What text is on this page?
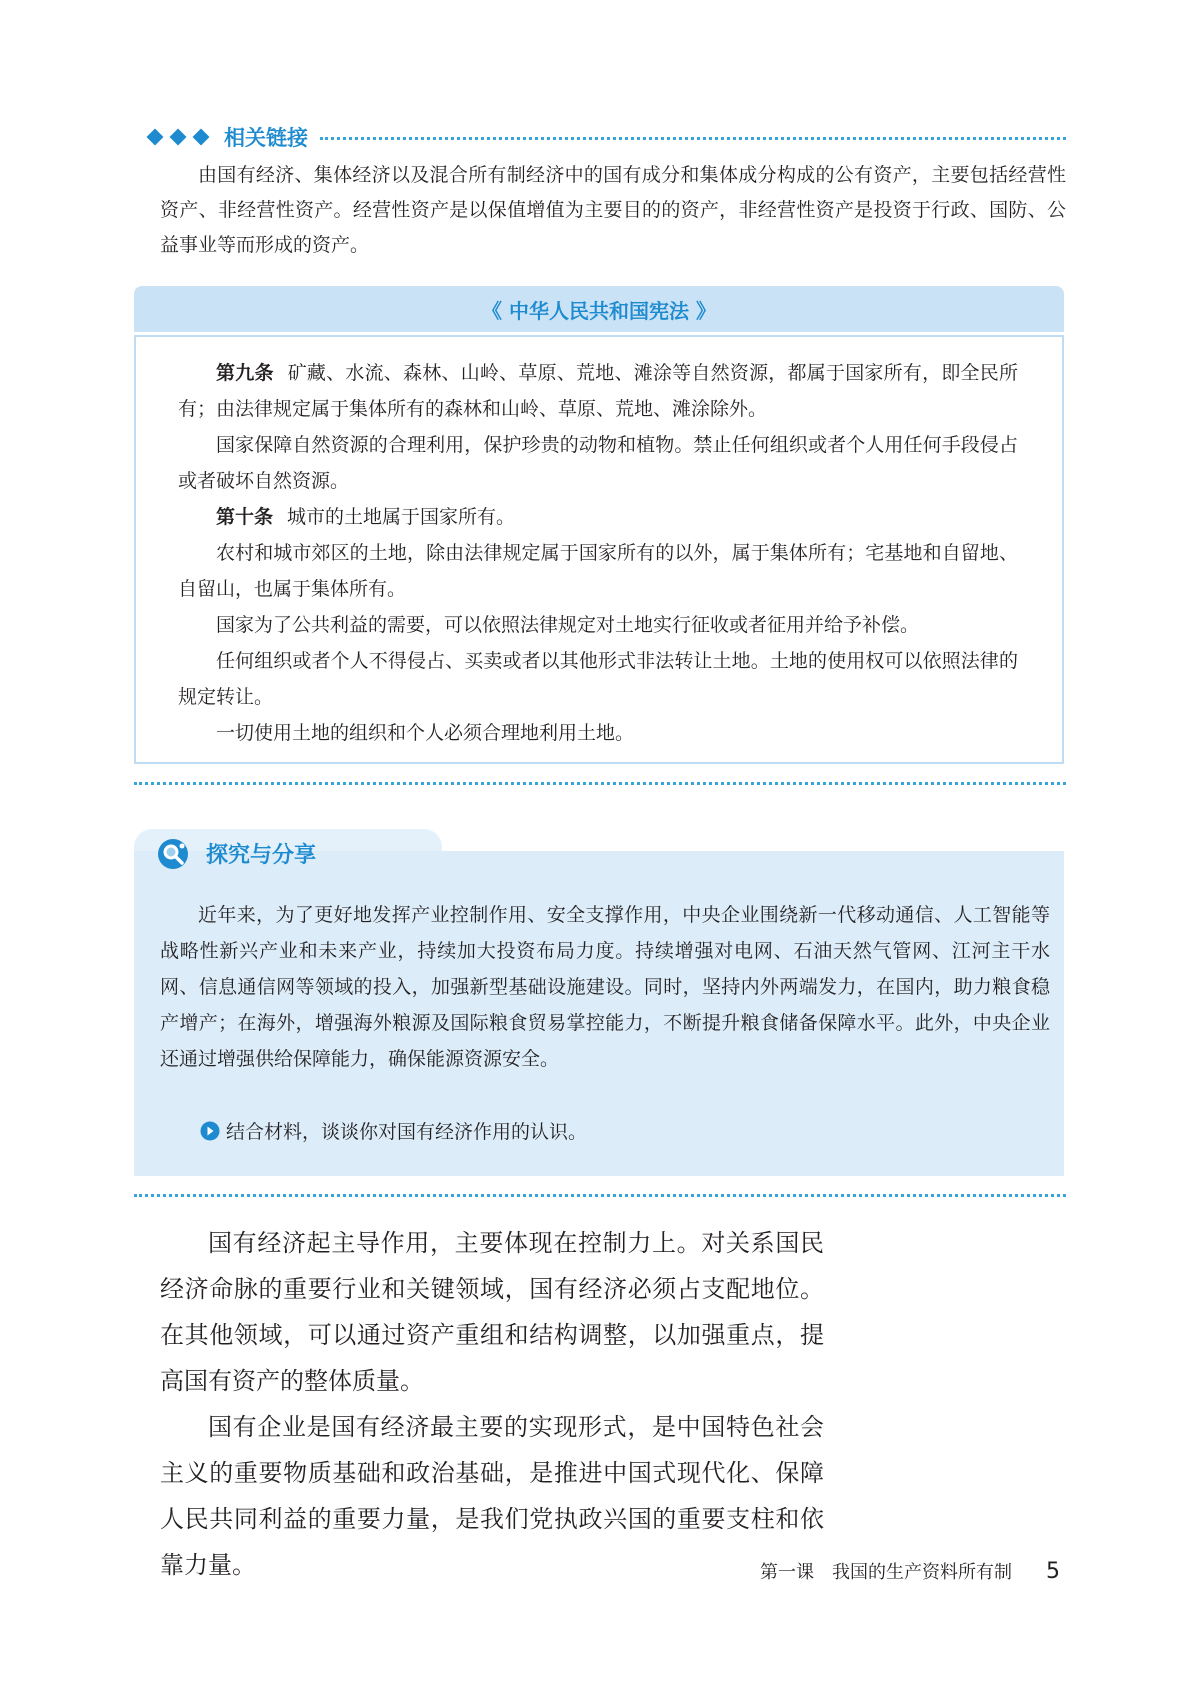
相关链接

由国有经济、集体经济以及混合所有制经济中的国有成分和集体成分构成的公有资产，主要包括经营性资产、非经营性资产。经营性资产是以保值增值为主要目的的资产，非经营性资产是投资于行政、国防、公益事业等而形成的资产。

《 中华人民共和国宪法 》

第九条 矿藏、水流、森林、山岭、草原、荒地、滩涂等自然资源，都属于国家所有，即全民所有；由法律规定属于集体所有的森林和山岭、草原、荒地、滩涂除外。

国家保障自然资源的合理利用，保护珍贵的动物和植物。禁止任何组织或者个人用任何手段侵占或者破坏自然资源。

第十条 城市的土地属于国家所有。

农村和城市郊区的土地，除由法律规定属于国家所有的以外，属于集体所有；宅基地和自留地、自留山，也属于集体所有。

国家为了公共利益的需要，可以依照法律规定对土地实行征收或者征用并给予补偿。

任何组织或者个人不得侵占、买卖或者以其他形式非法转让土地。土地的使用权可以依照法律的规定转让。

一切使用土地的组织和个人必须合理地利用土地。

探究与分享

近年来，为了更好地发挥产业控制作用、安全支撑作用，中央企业围绕新一代移动通信、人工智能等战略性新兴产业和未来产业，持续加大投资布局力度。持续增强对电网、石油天然气管网、江河主干水网、信息通信网等领域的投入，加强新型基础设施建设。同时，坚持内外两端发力，在国内，助力粮食稳产增产；在海外，增强海外粮源及国际粮食贸易掌控能力，不断提升粮食储备保障水平。此外，中央企业还通过增强供给保障能力，确保能源资源安全。

结合材料，谈谈你对国有经济作用的认识。

国有经济起主导作用，主要体现在控制力上。对关系国民经济命脉的重要行业和关键领域，国有经济必须占支配地位。在其他领域，可以通过资产重组和结构调整，以加强重点，提高国有资产的整体质量。

国有企业是国有经济最主要的实现形式，是中国特色社会主义的重要物质基础和政治基础，是推进中国式现代化、保障人民共同利益的重要力量，是我们党执政兴国的重要支柱和依靠力量。	第一课　我国的生产资料所有制 5
